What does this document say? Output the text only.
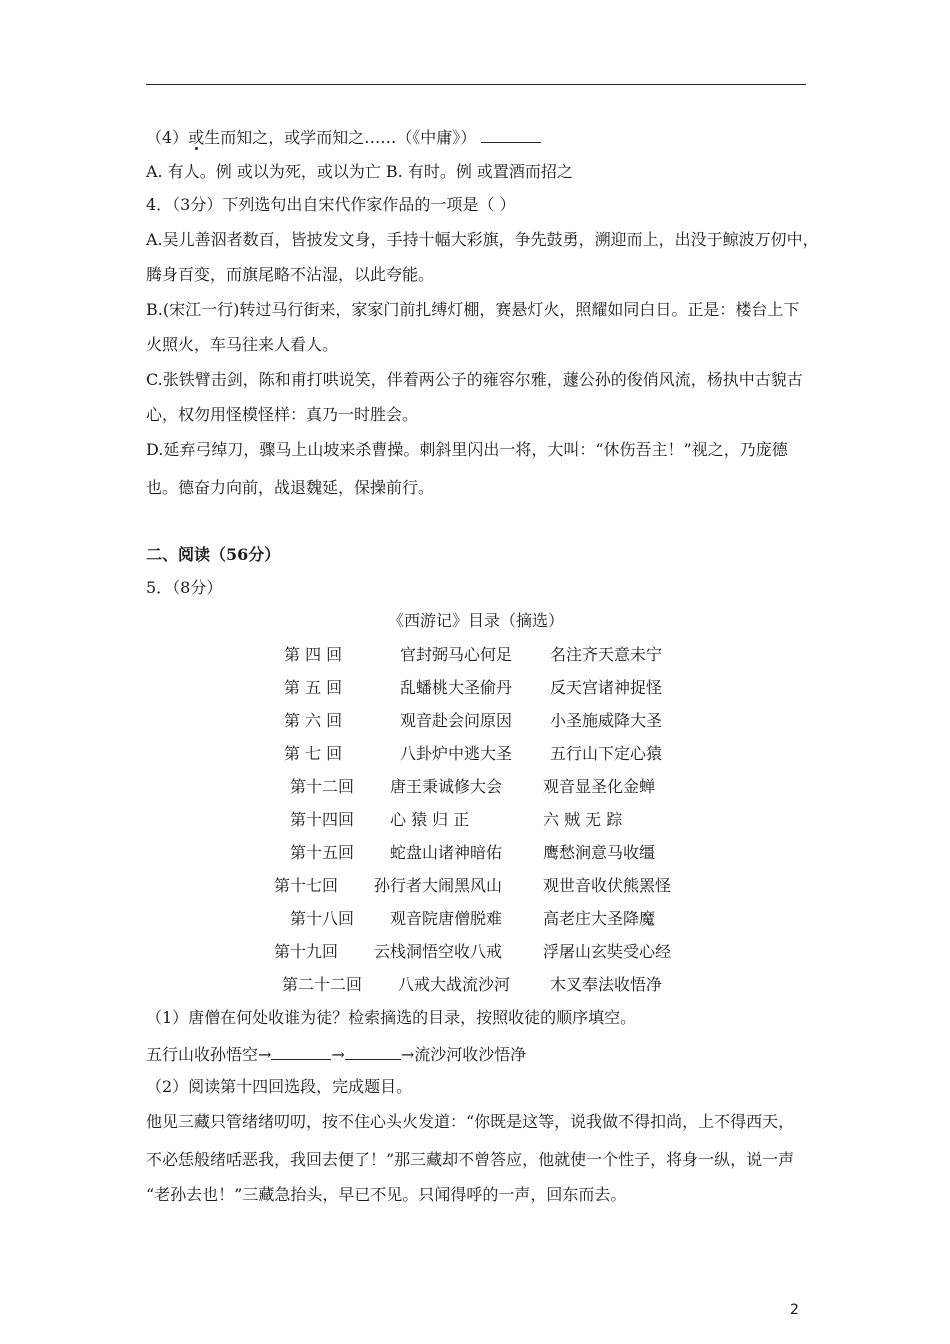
（4）或生而知之，或学而知之……（《中庸》）
A. 有人。例 或以为死，或以为亡 B. 有时。例 或置酒而招之
4．（3分）下列选句出自宋代作家作品的一项是（ ）
A.吴儿善泅者数百，皆披发文身，手持十幅大彩旗，争先鼓勇，溯迎而上，出没于鲸波万仞中，
腾身百变，而旗尾略不沾湿，以此夸能。
B.(宋江一行)转过马行街来，家家门前扎缚灯棚，赛悬灯火，照耀如同白日。正是：楼台上下
火照火，车马往来人看人。
C.张铁臂击剑，陈和甫打哄说笑，伴着两公子的雍容尔雅，蘧公孙的俊俏风流，杨执中古貌古
心，权勿用怪模怪样：真乃一时胜会。
D.延弃弓绰刀，骤马上山坡来杀曹操。刺斜里闪出一将，大叫：“休伤吾主！”视之，乃庞德
也。德奋力向前，战退魏延，保操前行。
二、阅读（56分）
5．（8分）
《西游记》目录（摘选）
第 四 回	官封弼马心何足 名注齐天意未宁
第 五 回	乱蟠桃大圣偷丹 反天宫诸神捉怪
第 六 回	观音赴会问原因 小圣施威降大圣
第 七 回	八卦炉中逃大圣 五行山下定心猿
第十二回 唐王秉诚修大会	观音显圣化金蝉
第十四回 心 猿 归 正	六 贼 无 踪
第十五回 蛇盘山诸神暗佑	鹰愁涧意马收缰
第十七回 孙行者大闹黑风山	观世音收伏熊罴怪
第十八回 观音院唐僧脱难	高老庄大圣降魔
第十九回 云栈洞悟空收八戒	浮屠山玄奘受心经
第二十二回 八戒大战流沙河 木叉奉法收悟净
（1）唐僧在何处收谁为徒？检索摘选的目录，按照收徒的顺序填空。
五行山收孙悟空→	→	→流沙河收沙悟净
（2）阅读第十四回选段，完成题目。
他见三藏只管绪绪叨叨，按不住心头火发道：“你既是这等，说我做不得扣尚，上不得西天，
不必恁般绪咶恶我，我回去便了！”那三藏却不曾答应，他就使一个性子，将身一纵，说一声
“老孙去也！”三藏急抬头，早已不见。只闻得呼的一声，回东而去。
2
